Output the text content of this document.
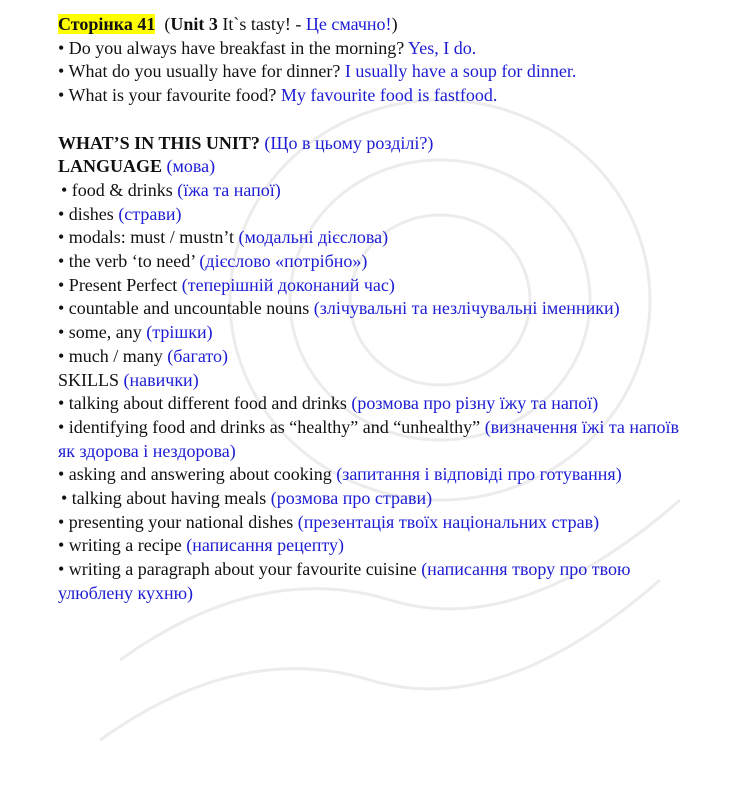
Сторінка 41 (Unit 3 It`s tasty! - Це смачно!)
• Do you always have breakfast in the morning? Yes, I do.
• What do you usually have for dinner? I usually have a soup for dinner.
• What is your favourite food? My favourite food is fastfood.
WHAT’S IN THIS UNIT? (Що в цьому розділі?)
LANGUAGE (мова)
• food & drinks (їжа та напої)
• dishes (страви)
• modals: must / mustn’t (модальні дієслова)
• the verb ‘to need’ (дієслово «потрібно»)
• Present Perfect (теперішній доконаний час)
• countable and uncountable nouns (злічувальні та незлічувальні іменники)
• some, any (трішки)
• much / many (багато)
SKILLS (навички)
• talking about different food and drinks (розмова про різну їжу та напої)
• identifying food and drinks as “healthy” and “unhealthy” (визначення їжі та напоїв як здорова і нездорова)
• asking and answering about cooking (запитання і відповіді про готування)
• talking about having meals (розмова про страви)
• presenting your national dishes (презентація твоїх національних страв)
• writing a recipe (написання рецепту)
• writing a paragraph about your favourite cuisine (написання твору про твою улюблену кухню)
